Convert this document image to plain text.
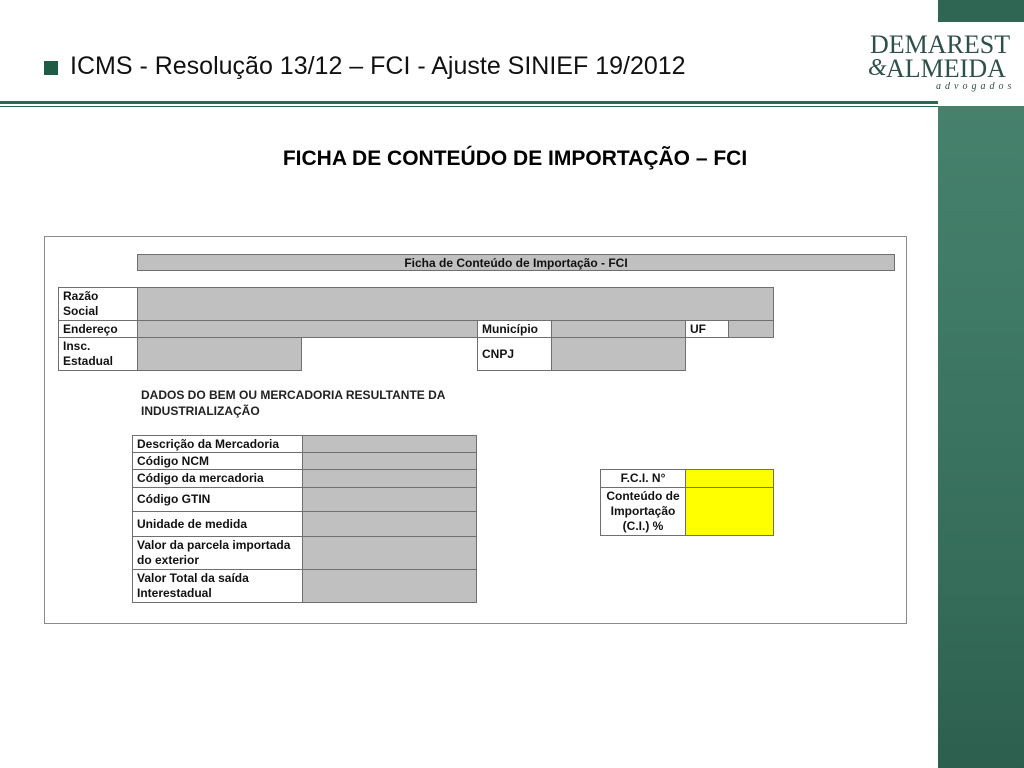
ICMS - Resolução 13/12 – FCI - Ajuste SINIEF 19/2012
DEMAREST
& ALMEIDA
advogados
FICHA DE CONTEÚDO DE IMPORTAÇÃO – FCI
Ficha de Conteúdo de Importação - FCI
Razão Social
Endereço	Município	UF
Insc. Estadual
CNPJ
DADOS DO BEM OU MERCADORIA RESULTANTE DA INDUSTRIALIZAÇÃO
Descrição da Mercadoria
Código NCM
Código da mercadoria
Código GTIN
Unidade de medida
Valor da parcela importada do exterior
Valor Total da saída Interestadual
F.C.I. N°
Conteúdo de Importação (C.I.) %
